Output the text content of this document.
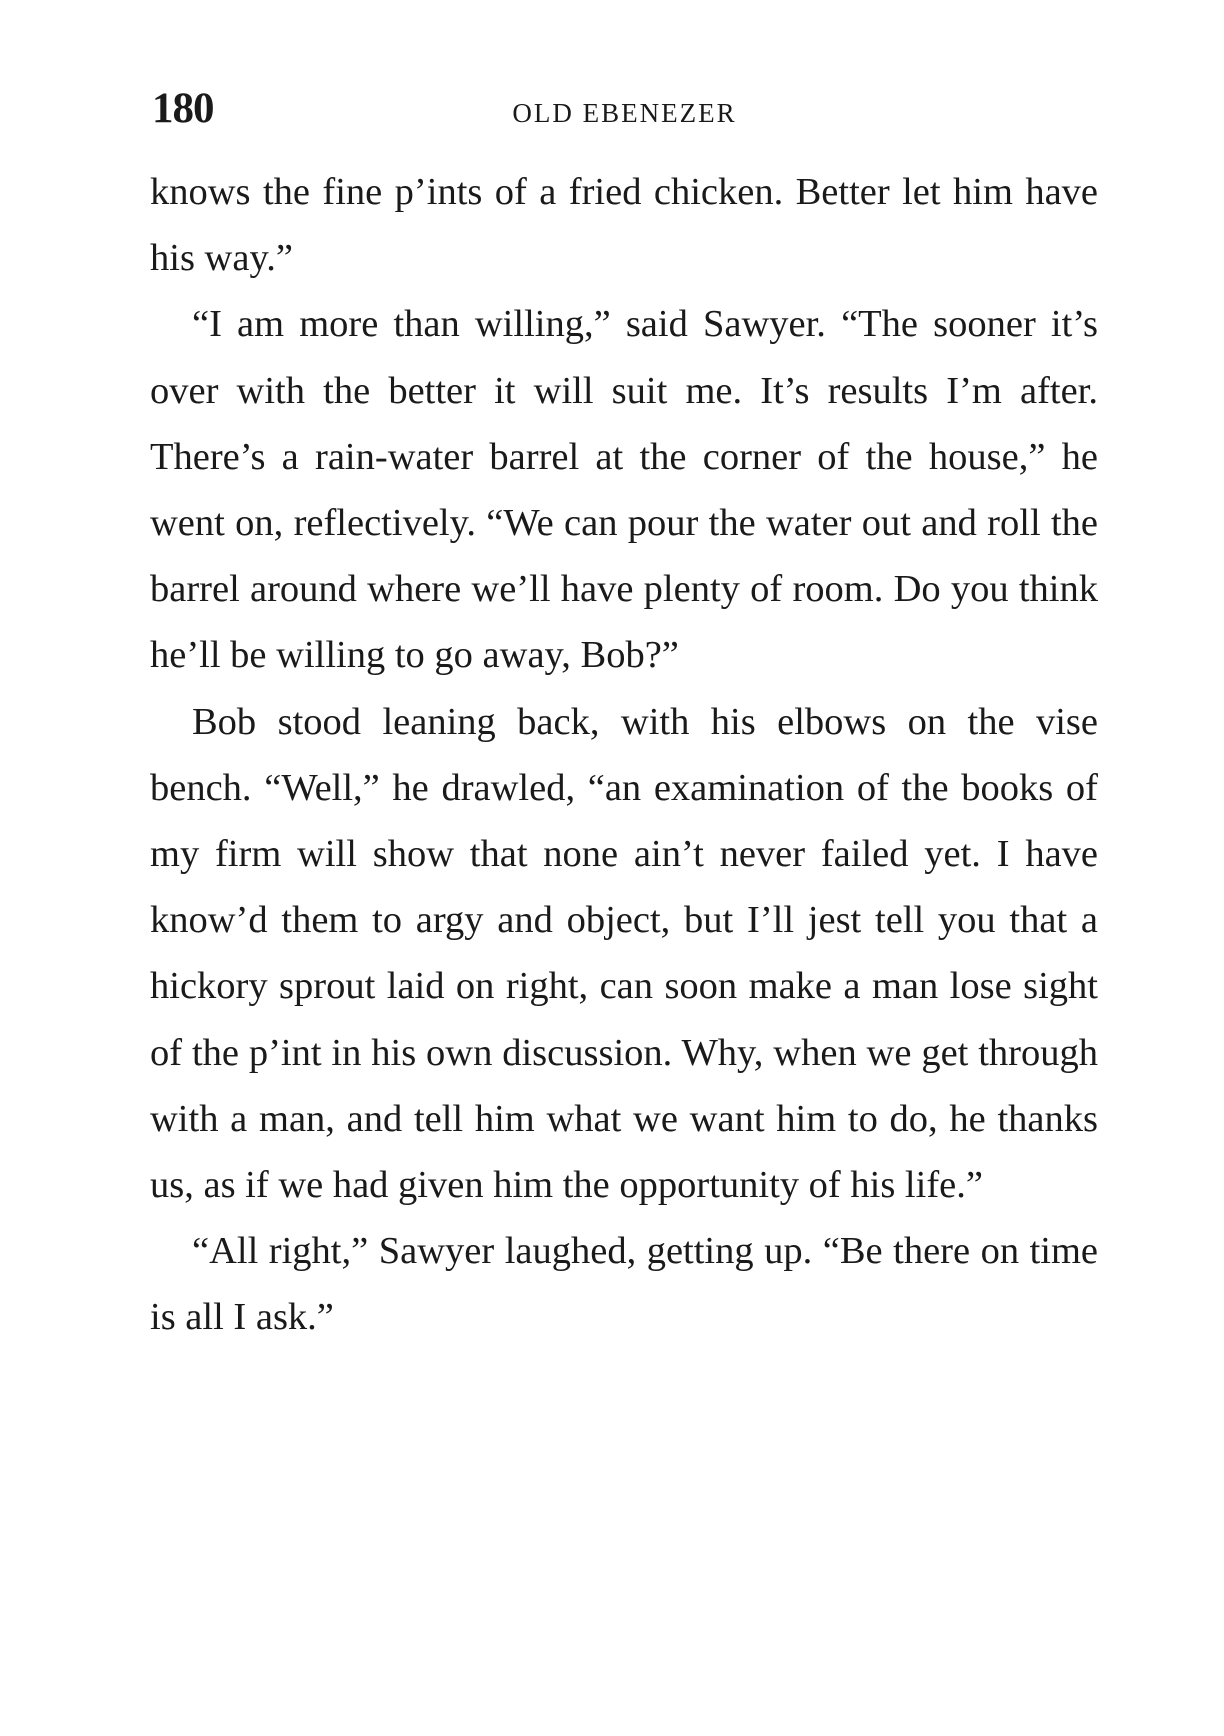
180	OLD EBENEZER

knows the fine p’ints of a fried chicken. Better let him have his way.”

“I am more than willing,” said Sawyer. “The sooner it’s over with the better it will suit me. It’s results I’m after. There’s a rain-water barrel at the corner of the house,” he went on, reflectively. “We can pour the water out and roll the barrel around where we’ll have plenty of room. Do you think he’ll be willing to go away, Bob?”

Bob stood leaning back, with his elbows on the vise bench. “Well,” he drawled, “an examination of the books of my firm will show that none ain’t never failed yet. I have know’d them to argy and object, but I’ll jest tell you that a hickory sprout laid on right, can soon make a man lose sight of the p’int in his own discussion. Why, when we get through with a man, and tell him what we want him to do, he thanks us, as if we had given him the opportunity of his life.”

“All right,” Sawyer laughed, getting up. “Be there on time is all I ask.”
